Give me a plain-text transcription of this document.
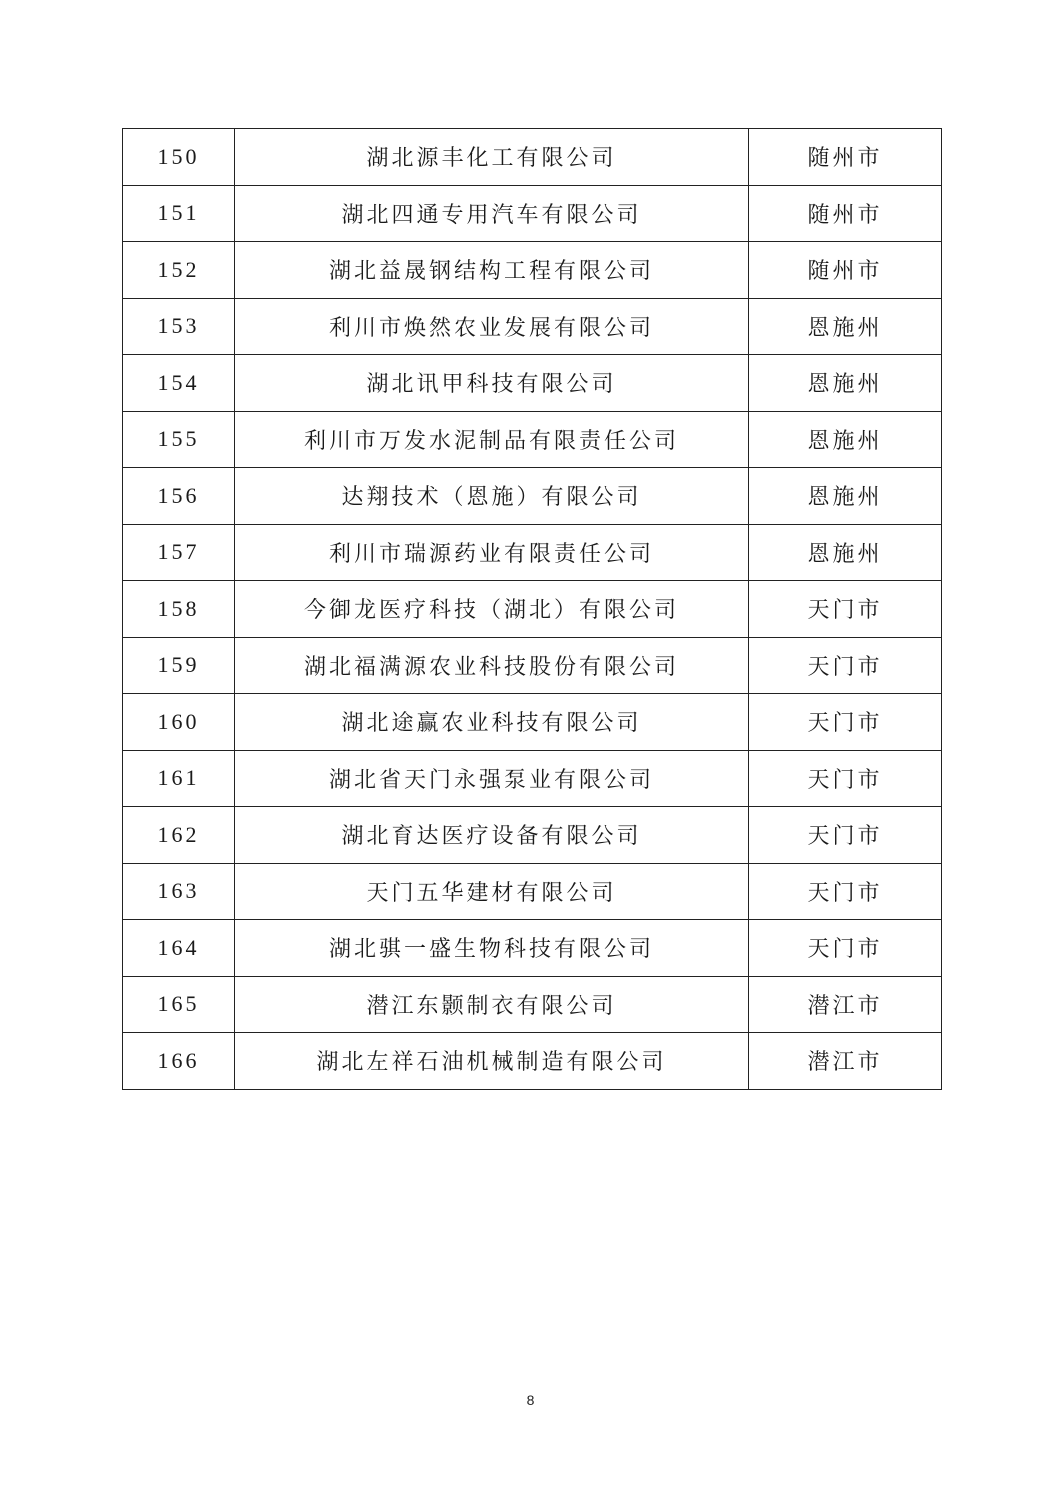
150	湖北源丰化工有限公司	随州市
151	湖北四通专用汽车有限公司	随州市
152	湖北益晟钢结构工程有限公司	随州市
153	利川市焕然农业发展有限公司	恩施州
154	湖北讯甲科技有限公司	恩施州
155	利川市万发水泥制品有限责任公司	恩施州
156	达翔技术（恩施）有限公司	恩施州
157	利川市瑞源药业有限责任公司	恩施州
158	今御龙医疗科技（湖北）有限公司	天门市
159	湖北福满源农业科技股份有限公司	天门市
160	湖北途赢农业科技有限公司	天门市
161	湖北省天门永强泵业有限公司	天门市
162	湖北育达医疗设备有限公司	天门市
163	天门五华建材有限公司	天门市
164	湖北骐一盛生物科技有限公司	天门市
165	潜江东颢制衣有限公司	潜江市
166	湖北左祥石油机械制造有限公司	潜江市
8
